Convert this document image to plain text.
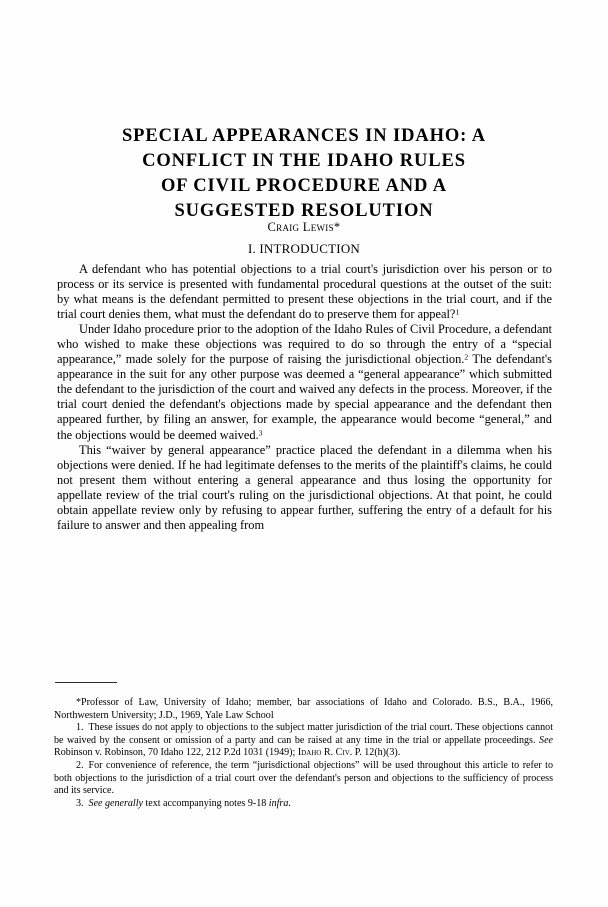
SPECIAL APPEARANCES IN IDAHO: A
CONFLICT IN THE IDAHO RULES
OF CIVIL PROCEDURE AND A
SUGGESTED RESOLUTION
Craig Lewis*
I. INTRODUCTION

A defendant who has potential objections to a trial court's jurisdiction over his person or to process or its service is presented with fundamental procedural questions at the outset of the suit: by what means is the defendant permitted to present these objections in the trial court, and if the trial court denies them, what must the defendant do to preserve them for appeal?$^1$

Under Idaho procedure prior to the adoption of the Idaho Rules of Civil Procedure, a defendant who wished to make these objections was required to do so through the entry of a “special appearance,” made solely for the purpose of raising the jurisdictional objection.$^2$ The defendant's appearance in the suit for any other purpose was deemed a “general appearance” which submitted the defendant to the jurisdiction of the court and waived any defects in the process. Moreover, if the trial court denied the defendant's objections made by special appearance and the defendant then appeared further, by filing an answer, for example, the appearance would become “general,” and the objections would be deemed waived.$^3$

This “waiver by general appearance” practice placed the defendant in a dilemma when his objections were denied. If he had legitimate defenses to the merits of the plaintiff's claims, he could not present them without entering a general appearance and thus losing the opportunity for appellate review of the trial court's ruling on the jurisdictional objections. At that point, he could obtain appellate review only by refusing to appear further, suffering the entry of a default for his failure to answer and then appealing from

*Professor of Law, University of Idaho; member, bar associations of Idaho and Colorado. B.S., B.A., 1966, Northwestern University; J.D., 1969, Yale Law School

1. These issues do not apply to objections to the subject matter jurisdiction of the trial court. These objections cannot be waived by the consent or omission of a party and can be raised at any time in the trial or appellate proceedings. See Robinson v. Robinson, 70 Idaho 122, 212 P.2d 1031 (1949); Idaho R. Civ. P. 12(h)(3).

2. For convenience of reference, the term “jurisdictional objections” will be used throughout this article to refer to both objections to the jurisdiction of a trial court over the defendant's person and objections to the sufficiency of process and its service.

3. See generally text accompanying notes 9-18 infra.
